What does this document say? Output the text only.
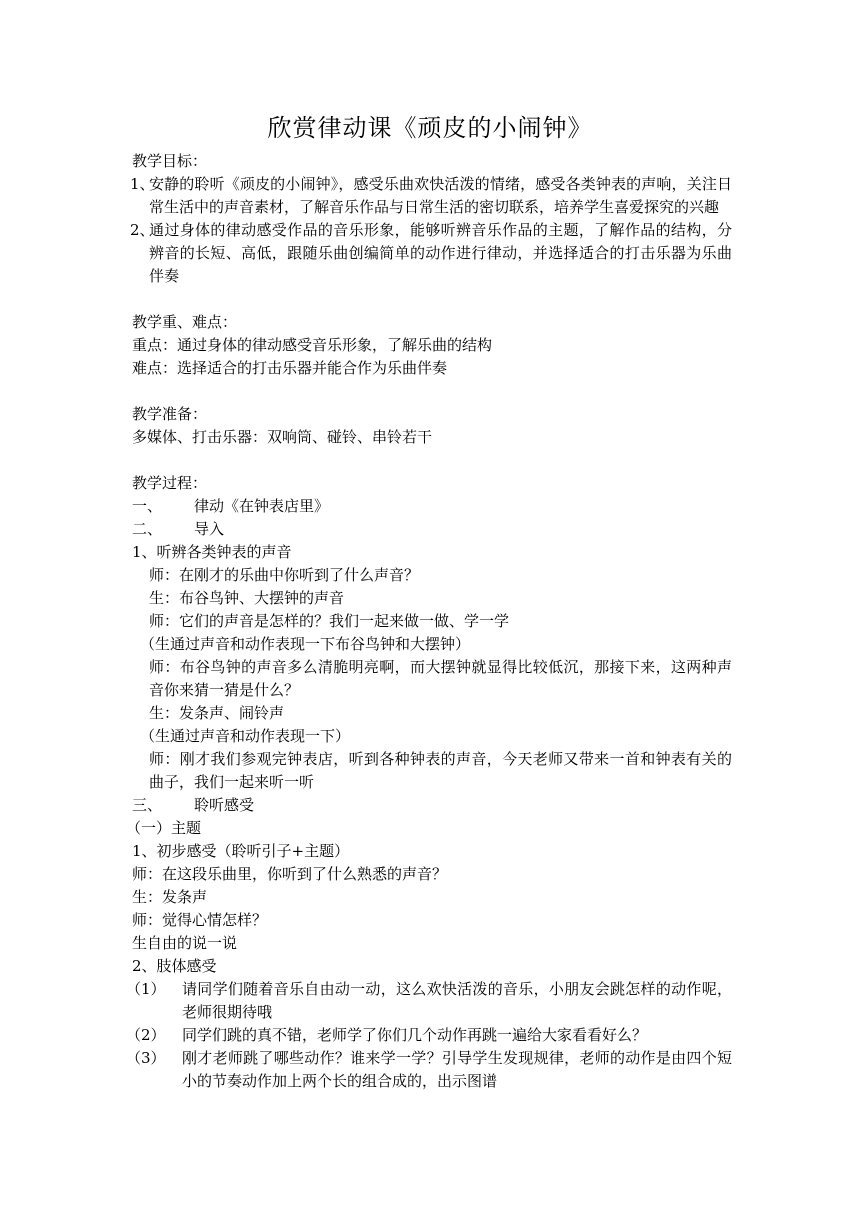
欣赏律动课《顽皮的小闹钟》
教学目标：
1、
安静的聆听《顽皮的小闹钟》，感受乐曲欢快活泼的情绪，感受各类钟表的声响，关注日常生活中的声音素材，了解音乐作品与日常生活的密切联系，培养学生喜爱探究的兴趣
2、
通过身体的律动感受作品的音乐形象，能够听辨音乐作品的主题，了解作品的结构，分辨音的长短、高低，跟随乐曲创编简单的动作进行律动，并选择适合的打击乐器为乐曲伴奏
教学重、难点：
重点：通过身体的律动感受音乐形象，了解乐曲的结构
难点：选择适合的打击乐器并能合作为乐曲伴奏
教学准备：
多媒体、打击乐器：双响筒、碰铃、串铃若干
教学过程：
一、	律动《在钟表店里》
二、	导入
1、听辨各类钟表的声音
师：在刚才的乐曲中你听到了什么声音？
生：布谷鸟钟、大摆钟的声音
师：它们的声音是怎样的？我们一起来做一做、学一学
（生通过声音和动作表现一下布谷鸟钟和大摆钟）
师：布谷鸟钟的声音多么清脆明亮啊，而大摆钟就显得比较低沉，那接下来，这两种声音你来猜一猜是什么？
生：发条声、闹铃声
（生通过声音和动作表现一下）
师：刚才我们参观完钟表店，听到各种钟表的声音，今天老师又带来一首和钟表有关的曲子，我们一起来听一听
三、	聆听感受
（一）主题
1、初步感受（聆听引子+主题）
师：在这段乐曲里，你听到了什么熟悉的声音？
生：发条声
师：觉得心情怎样？
生自由的说一说
2、肢体感受
（1）	请同学们随着音乐自由动一动，这么欢快活泼的音乐，小朋友会跳怎样的动作呢，老师很期待哦
（2）	同学们跳的真不错，老师学了你们几个动作再跳一遍给大家看看好么？
（3）	刚才老师跳了哪些动作？谁来学一学？引导学生发现规律，老师的动作是由四个短小的节奏动作加上两个长的组合成的，出示图谱
